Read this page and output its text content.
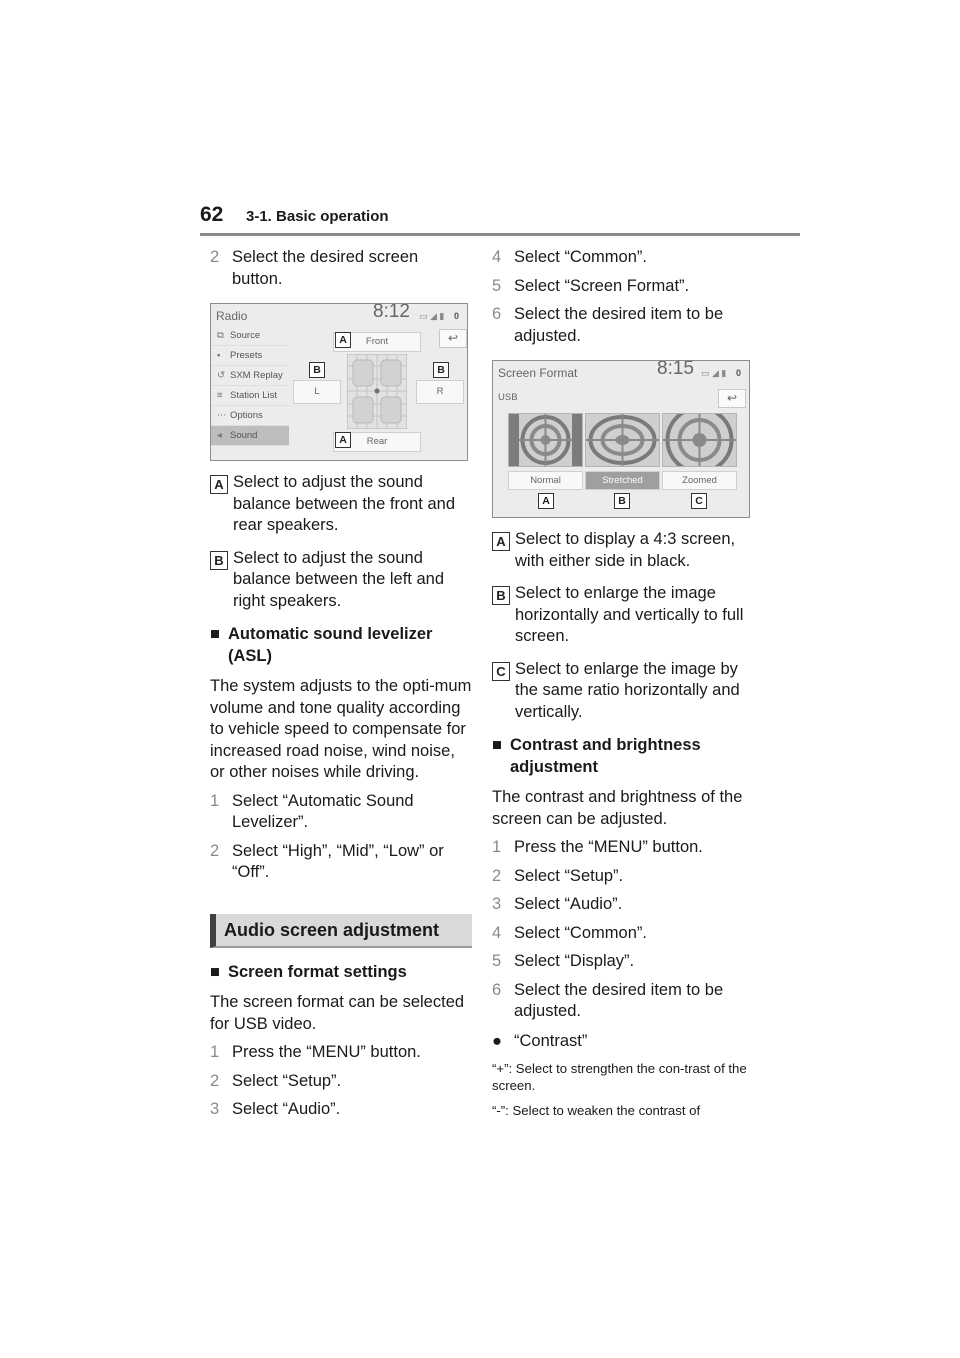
62 3-1. Basic operation
2 Select the desired screen button.
Radio	8:12 ▭ ◢ ▮ 0
⧉ Source
▪ Presets
↺ SXM Replay
≡ Station List
⋯ Options
◂ Sound
Front
Rear
L	R
↩
A
A
B	B
A Select to adjust the sound balance between the front and rear speakers.
B Select to adjust the sound balance between the left and right speakers.
■ Automatic sound levelizer (ASL)
The system adjusts to the opti-mum volume and tone quality according to vehicle speed to compensate for increased road noise, wind noise, or other noises while driving.
1 Select “Automatic Sound Levelizer”.
2 Select “High”, “Mid”, “Low” or “Off”.
Audio screen adjustment
■ Screen format settings
The screen format can be selected for USB video.
1 Press the “MENU” button.
2 Select “Setup”.
3 Select “Audio”.
4 Select “Common”.
5 Select “Screen Format”.
6 Select the desired item to be adjusted.
Screen Format	8:15 ▭ ◢ ▮ 0
USB	↩
Normal	Stretched	Zoomed
A	B	C
A Select to display a 4:3 screen, with either side in black.
B Select to enlarge the image horizontally and vertically to full screen.
C Select to enlarge the image by the same ratio horizontally and vertically.
■ Contrast and brightness adjustment
The contrast and brightness of the screen can be adjusted.
1 Press the “MENU” button.
2 Select “Setup”.
3 Select “Audio”.
4 Select “Common”.
5 Select “Display”.
6 Select the desired item to be adjusted.
● “Contrast”
“+”: Select to strengthen the con-trast of the screen.
“-”: Select to weaken the contrast of
